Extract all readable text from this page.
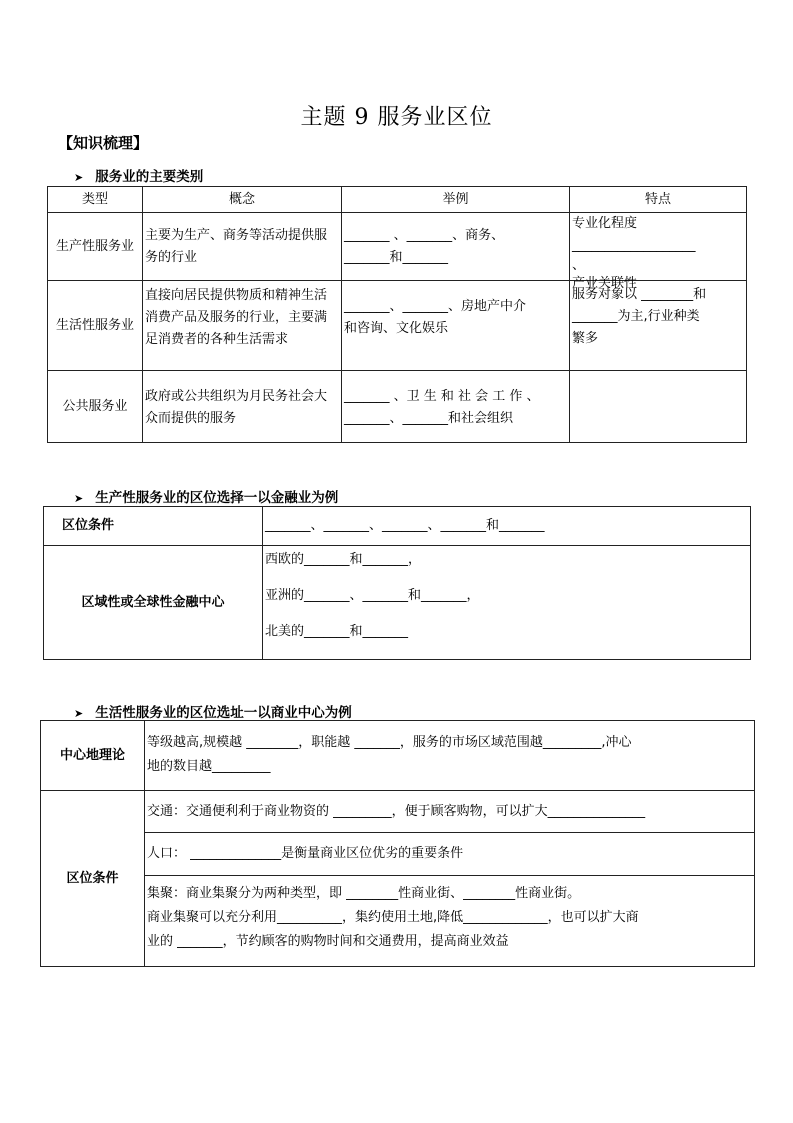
主题 9 服务业区位
【知识梳理】
➤ 服务业的主要类别
类型	概念	举例	特点
生产性服务业	主要为生产、商务等活动提供服务的行业	_______ 、_______、商务、
_______和_______	专业化程度
___________________
、
产业关联性

生活性服务业	直接向居民提供物质和精神生活消费产品及服务的行业，主要满足消费者的各种生活需求	_______、_______、房地产中介
和咨询、文化娱乐	服务对象以 ________和
_______为主,行业种类
繁多

公共服务业	政府或公共组织为月民务社会大众而提供的服务	_______ 、卫 生 和 社 会 工 作 、
_______、_______和社会组织	

➤ 生产性服务业的区位选择一以金融业为例
区位条件	_______、_______、_______、_______和_______
区域性或全球性金融中心	西欧的_______和_______，
亚洲的_______、_______和_______，
北美的_______和_______
➤ 生活性服务业的区位选址一以商业中心为例
中心地理论	等级越高,规模越 ________，职能越 _______，服务的市场区域范围越_________,冲心
地的数目越_________

区位条件	交通：交通便利利于商业物资的 _________，便于顾客购物，可以扩大_______________
	人口： ______________是衡量商业区位优劣的重要条件

	集聚：商业集聚分为两种类型，即 ________性商业街、________性商业街。
商业集聚可以充分利用__________，集约使用土地,降低_____________，也可以扩大商
业的 _______，节约顾客的购物时间和交通费用，提高商业效益
